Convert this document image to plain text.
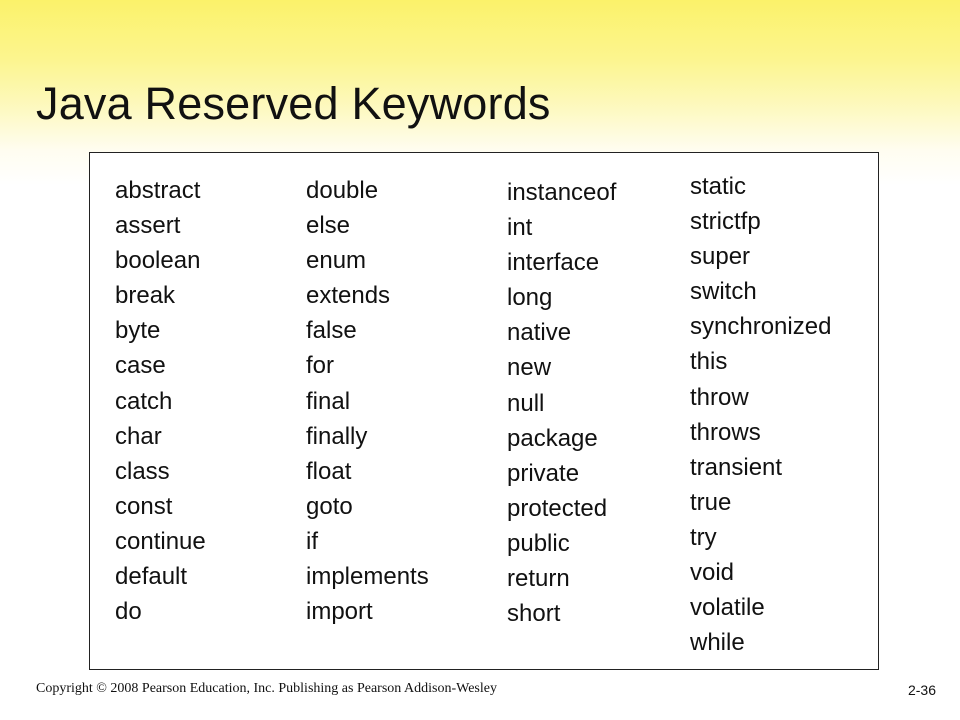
Java Reserved Keywords
abstract
assert
boolean
break
byte
case
catch
char
class
const
continue
default
do
double
else
enum
extends
false
for
final
finally
float
goto
if
implements
import
instanceof
int
interface
long
native
new
null
package
private
protected
public
return
short
static
strictfp
super
switch
synchronized
this
throw
throws
transient
true
try
void
volatile
while
Copyright © 2008 Pearson Education, Inc. Publishing as Pearson Addison-Wesley	2-36
